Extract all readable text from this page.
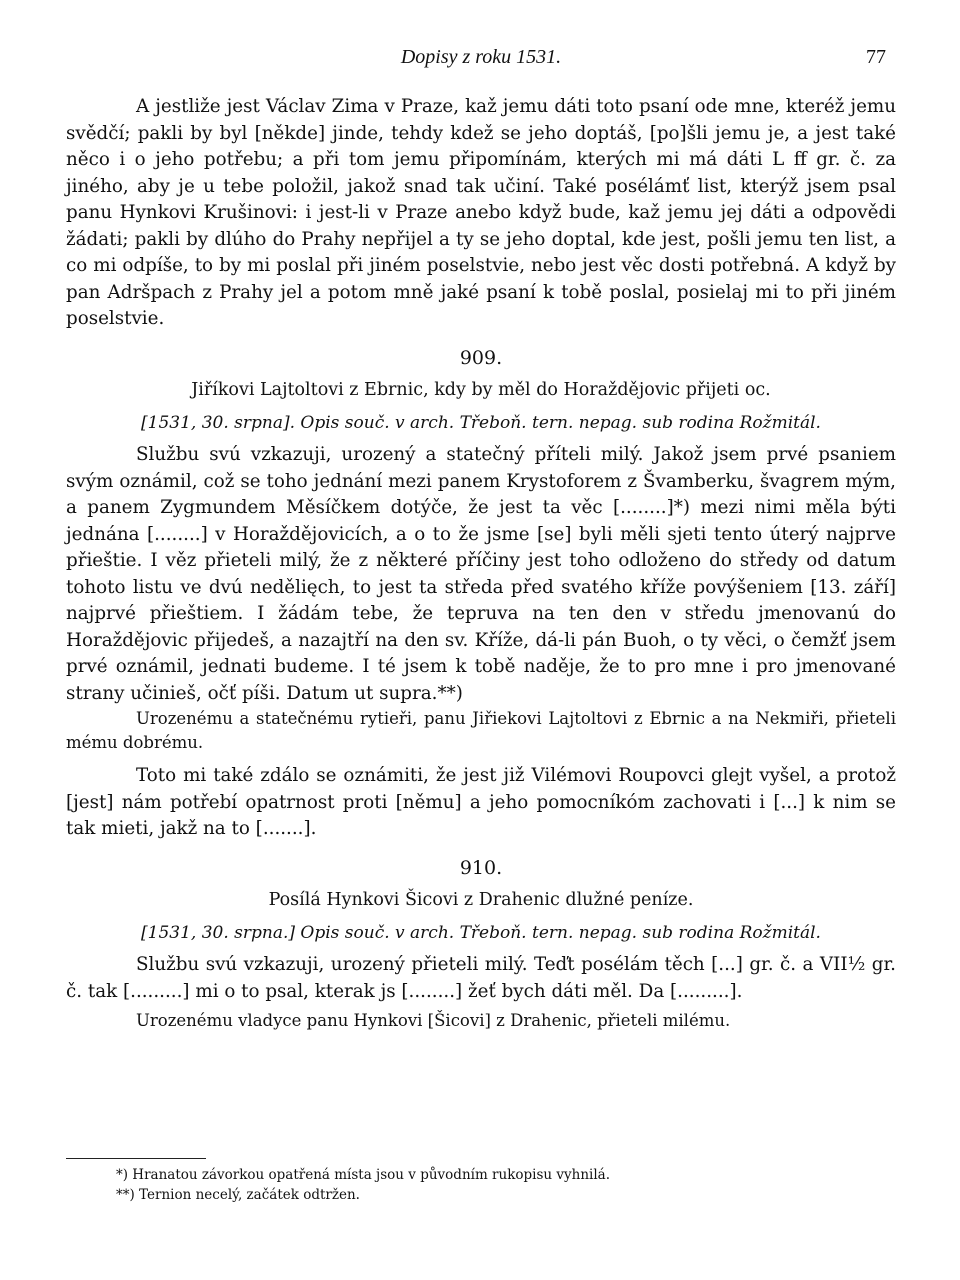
Dopisy z roku 1531.	77

A jestliže jest Václav Zima v Praze, kaž jemu dáti toto psaní ode mne, kteréž jemu svědčí; pakli by byl [někde] jinde, tehdy kdež se jeho doptáš, [po]šli jemu je, a jest také něco i o jeho potřebu; a při tom jemu připomínám, kterých mi má dáti L ff gr. č. za jiného, aby je u tebe položil, jakož snad tak učiní. Také posélámť list, kterýž jsem psal panu Hynkovi Krušinovi: i jest-li v Praze anebo když bude, kaž jemu jej dáti a odpovědi žádati; pakli by dlúho do Prahy nepřijel a ty se jeho doptal, kde jest, pošli jemu ten list, a co mi odpíše, to by mi poslal při jiném poselstvie, nebo jest věc dosti potřebná. A když by pan Adršpach z Prahy jel a potom mně jaké psaní k tobě poslal, posielaj mi to při jiném poselstvie.

909.
Jiříkovi Lajtoltovi z Ebrnic, kdy by měl do Horaždějovic přijeti oc.
[1531, 30. srpna]. Opis souč. v arch. Třeboň. tern. nepag. sub rodina Rožmitál.

Službu svú vzkazuji, urozený a statečný příteli milý. Jakož jsem prvé psaniem svým oznámil, což se toho jednání mezi panem Krystoforem z Švamberku, švagrem mým, a panem Zygmundem Měsíčkem dotýče, že jest ta věc [........]*) mezi nimi měla býti jednána [........] v Horaždějovicích, a o to že jsme [se] byli měli sjeti tento úterý najprve přieštie. I věz přieteli milý, že z některé příčiny jest toho odloženo do středy od datum tohoto listu ve dvú nedělięch, to jest ta středa před svatého kříže povýšeniem [13. září] najprvé přieštiem. I žádám tebe, že tepruva na ten den v středu jmenovanú do Horaždějovic přijedeš, a nazajtří na den sv. Kříže, dá-li pán Buoh, o ty věci, o čemžť jsem prvé oznámil, jednati budeme. I té jsem k tobě naděje, že to pro mne i pro jmenované strany učinieš, očť píši. Datum ut supra.**)

Urozenému a statečnému rytieři, panu Jiřiekovi Lajtoltovi z Ebrnic a na Nekmiři, přieteli mému dobrému.

Toto mi také zdálo se oznámiti, že jest již Vilémovi Roupovci glejt vyšel, a protož [jest] nám potřebí opatrnost proti [němu] a jeho pomocníkóm zachovati i [...] k nim se tak mieti, jakž na to [.......].

910.
Posílá Hynkovi Šicovi z Drahenic dlužné peníze.
[1531, 30. srpna.] Opis souč. v arch. Třeboň. tern. nepag. sub rodina Rožmitál.

Službu svú vzkazuji, urozený přieteli milý. Teďt posélám těch [...] gr. č. a VII½ gr. č. tak [.........] mi o to psal, kterak js [........] žeť bych dáti měl. Da [.........].

Urozenému vladyce panu Hynkovi [Šicovi] z Drahenic, přieteli milému.

*) Hranatou závorkou opatřená místa jsou v původním rukopisu vyhnilá.

**) Ternion necelý, začátek odtržen.
